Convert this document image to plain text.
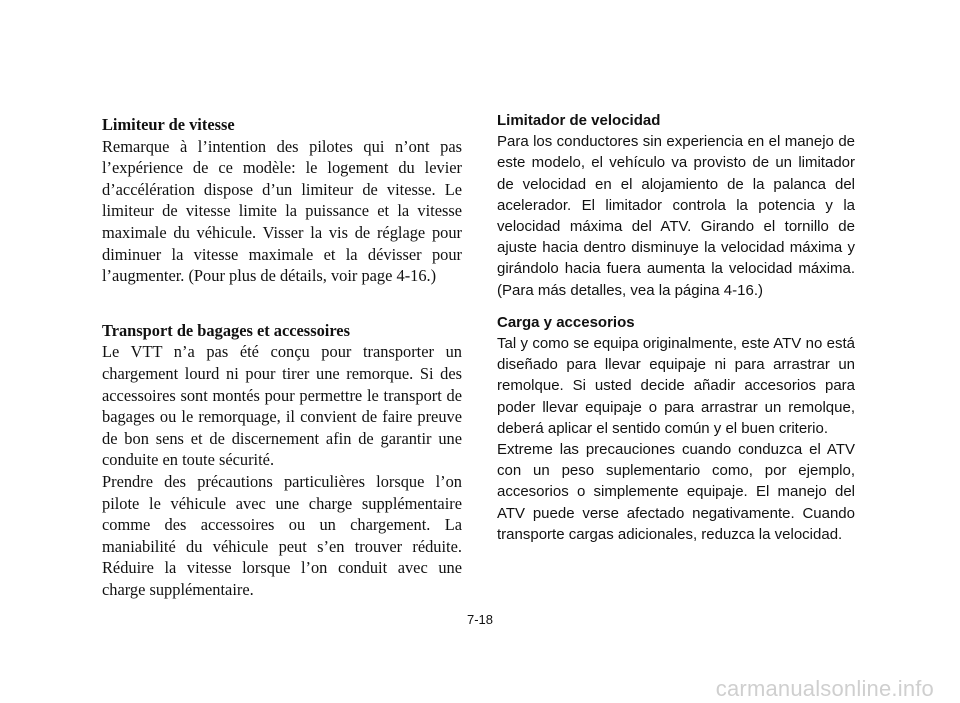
Limiteur de vitesse
Remarque à l’intention des pilotes qui n’ont pas l’expérience de ce modèle: le logement du levier d’accélération dispose d’un limiteur de vitesse. Le limiteur de vitesse limite la puissance et la vitesse maximale du véhicule. Visser la vis de réglage pour diminuer la vitesse maximale et la dévisser pour l’augmenter. (Pour plus de détails, voir page 4-16.)
Transport de bagages et accessoires
Le VTT n’a pas été conçu pour transporter un chargement lourd ni pour tirer une remorque. Si des accessoires sont montés pour permettre le transport de bagages ou le remorquage, il convient de faire preuve de bon sens et de discernement afin de garantir une conduite en toute sécurité.
Prendre des précautions particulières lorsque l’on pilote le véhicule avec une charge supplémentaire comme des accessoires ou un chargement. La maniabilité du véhicule peut s’en trouver réduite. Réduire la vitesse lorsque l’on conduit avec une charge supplémentaire.
Limitador de velocidad
Para los conductores sin experiencia en el manejo de este modelo, el vehículo va provisto de un limitador de velocidad en el alojamiento de la palanca del acelerador. El limitador controla la potencia y la velocidad máxima del ATV. Girando el tornillo de ajuste hacia dentro disminuye la velocidad máxima y girándolo hacia fuera aumenta la velocidad máxima. (Para más detalles, vea la página 4-16.)
Carga y accesorios
Tal y como se equipa originalmente, este ATV no está diseñado para llevar equipaje ni para arrastrar un remolque. Si usted decide añadir accesorios para poder llevar equipaje o para arrastrar un remolque, deberá aplicar el sentido común y el buen criterio.
Extreme las precauciones cuando conduzca el ATV con un peso suplementario como, por ejemplo, accesorios o simplemente equipaje. El manejo del ATV puede verse afectado negativamente. Cuando transporte cargas adicionales, reduzca la velocidad.
7-18
carmanualsonline.info
